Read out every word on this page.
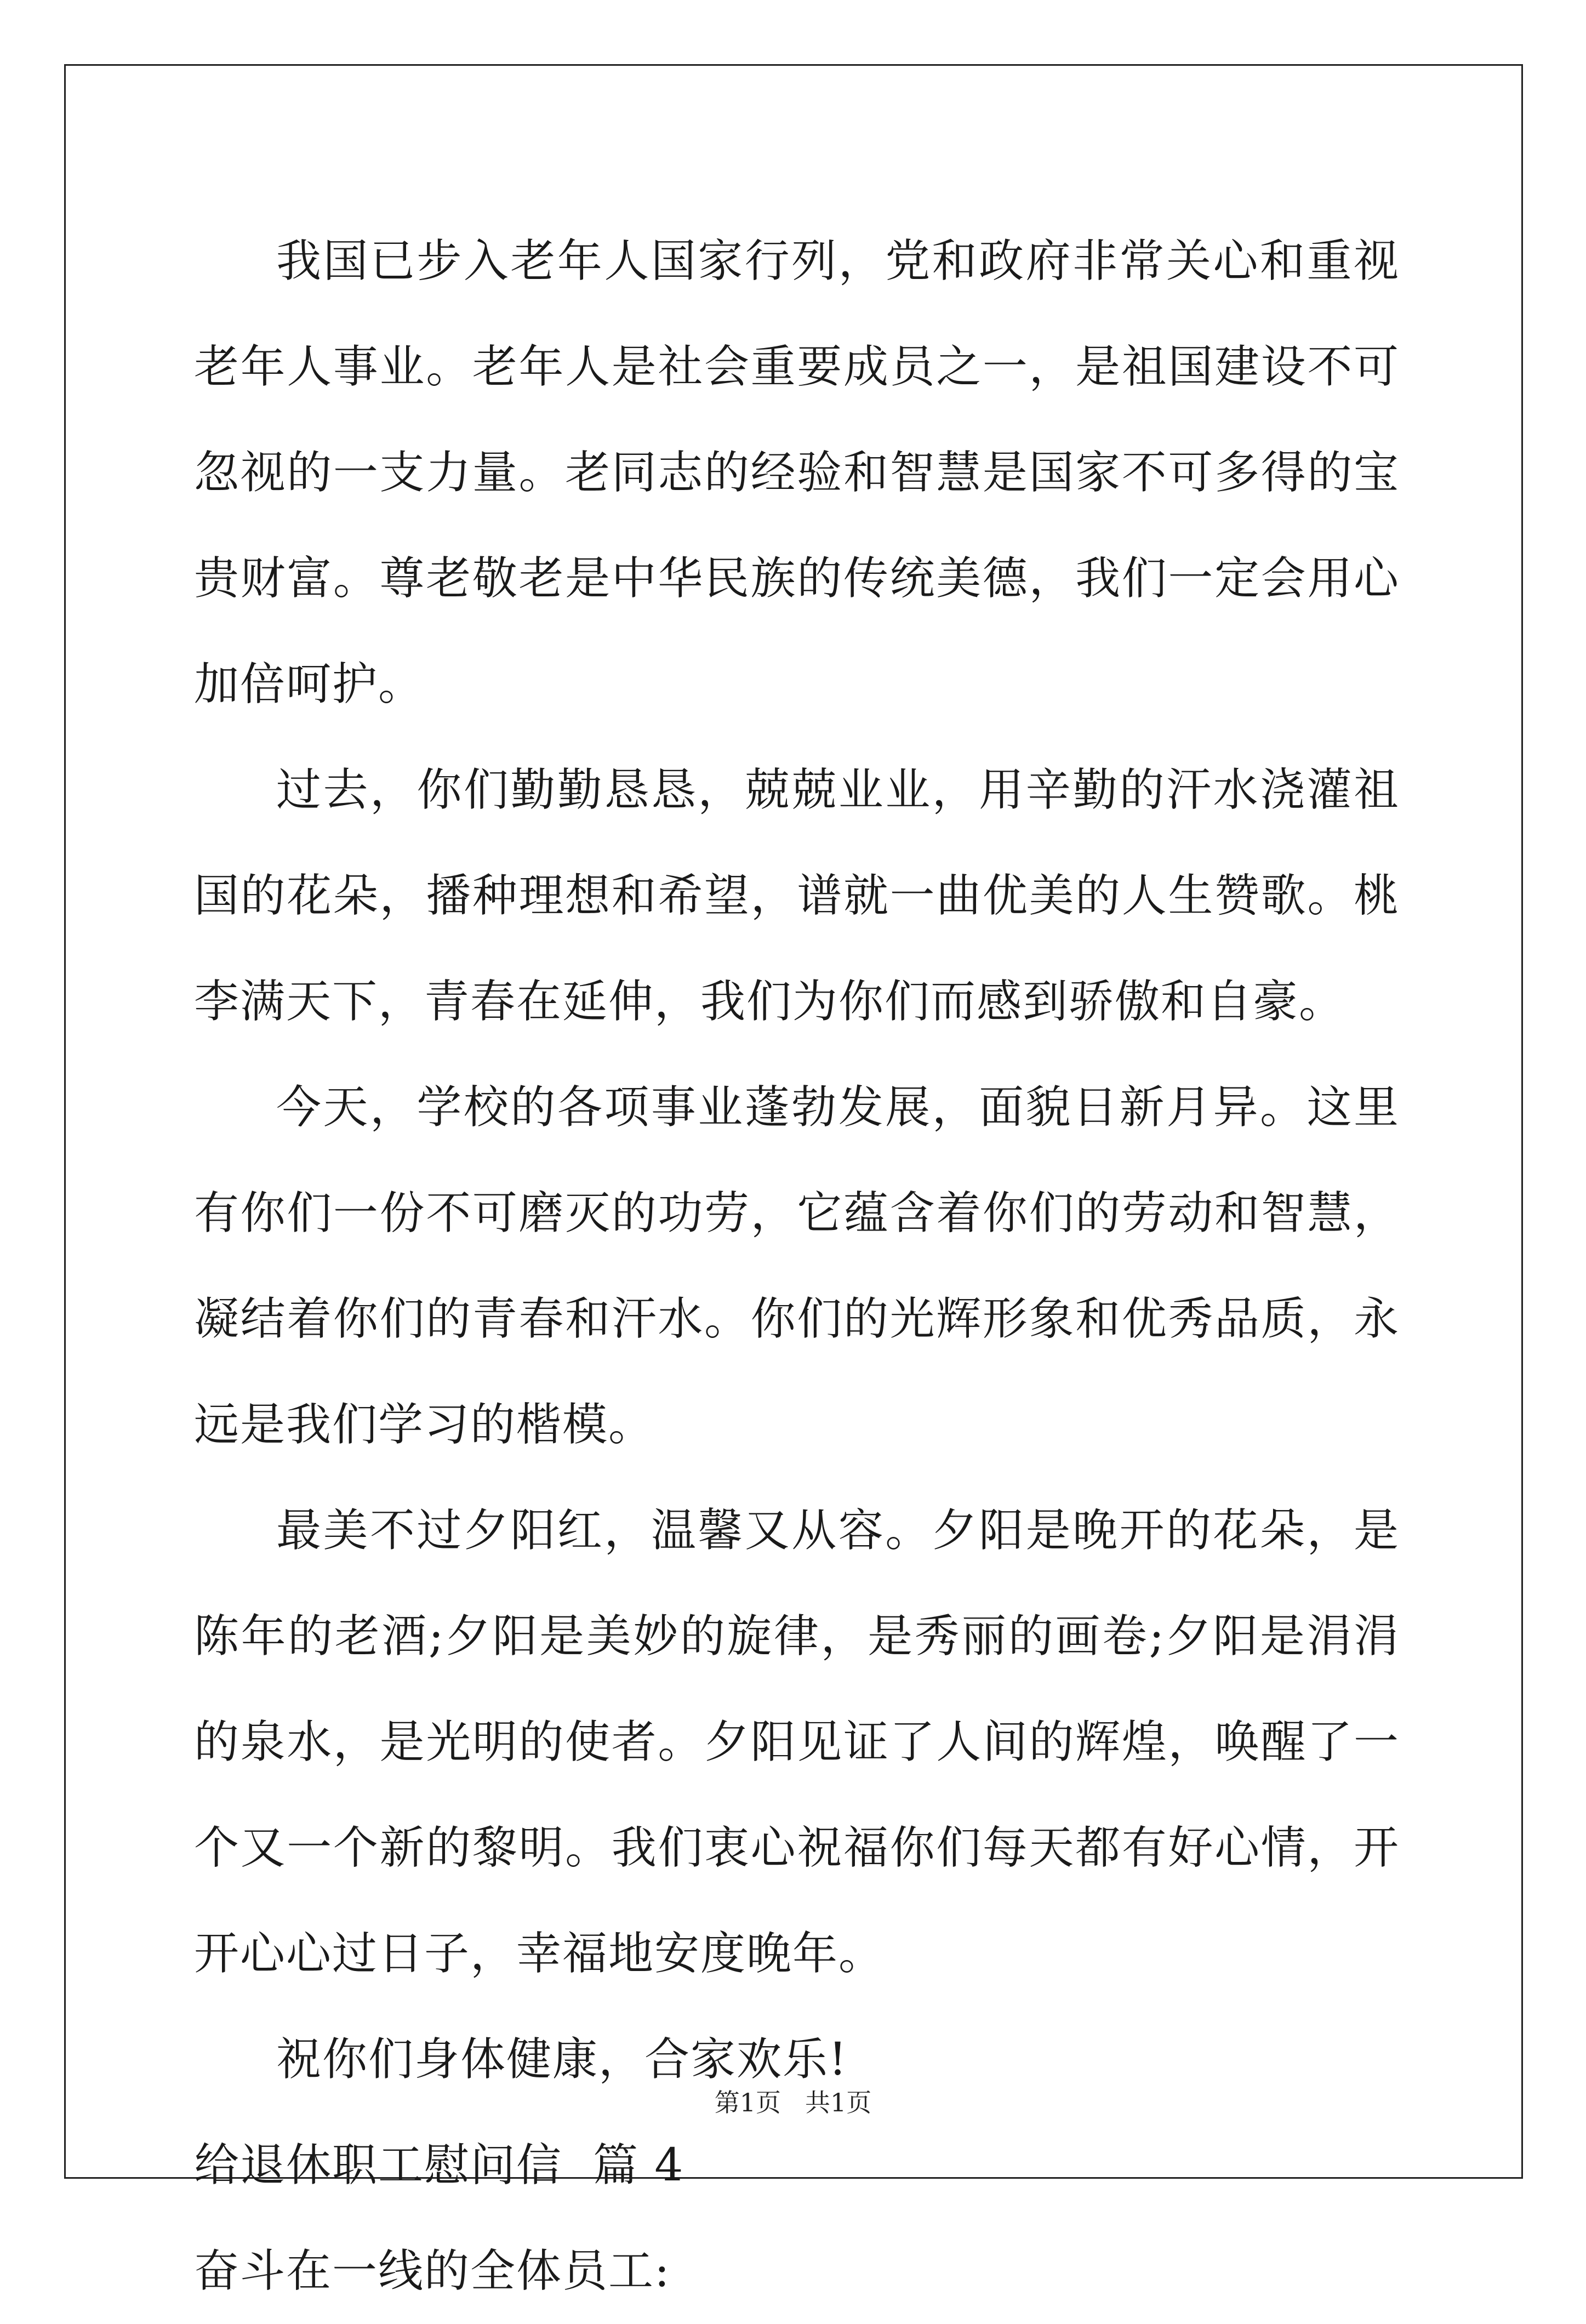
我国已步入老年人国家行列，党和政府非常关心和重视老年人事业。老年人是社会重要成员之一，是祖国建设不可忽视的一支力量。老同志的经验和智慧是国家不可多得的宝贵财富。尊老敬老是中华民族的传统美德，我们一定会用心加倍呵护。

过去，你们勤勤恳恳，兢兢业业，用辛勤的汗水浇灌祖国的花朵，播种理想和希望，谱就一曲优美的人生赞歌。桃李满天下，青春在延伸，我们为你们而感到骄傲和自豪。

今天，学校的各项事业蓬勃发展，面貌日新月异。这里有你们一份不可磨灭的功劳，它蕴含着你们的劳动和智慧，凝结着你们的青春和汗水。你们的光辉形象和优秀品质，永远是我们学习的楷模。

最美不过夕阳红，温馨又从容。夕阳是晚开的花朵，是陈年的老酒;夕阳是美妙的旋律，是秀丽的画卷;夕阳是涓涓的泉水，是光明的使者。夕阳见证了人间的辉煌，唤醒了一个又一个新的黎明。我们衷心祝福你们每天都有好心情，开开心心过日子，幸福地安度晚年。

祝你们身体健康，合家欢乐!

给退休职工慰问信  篇 4

奋斗在一线的全体员工:

第1页 共1页
